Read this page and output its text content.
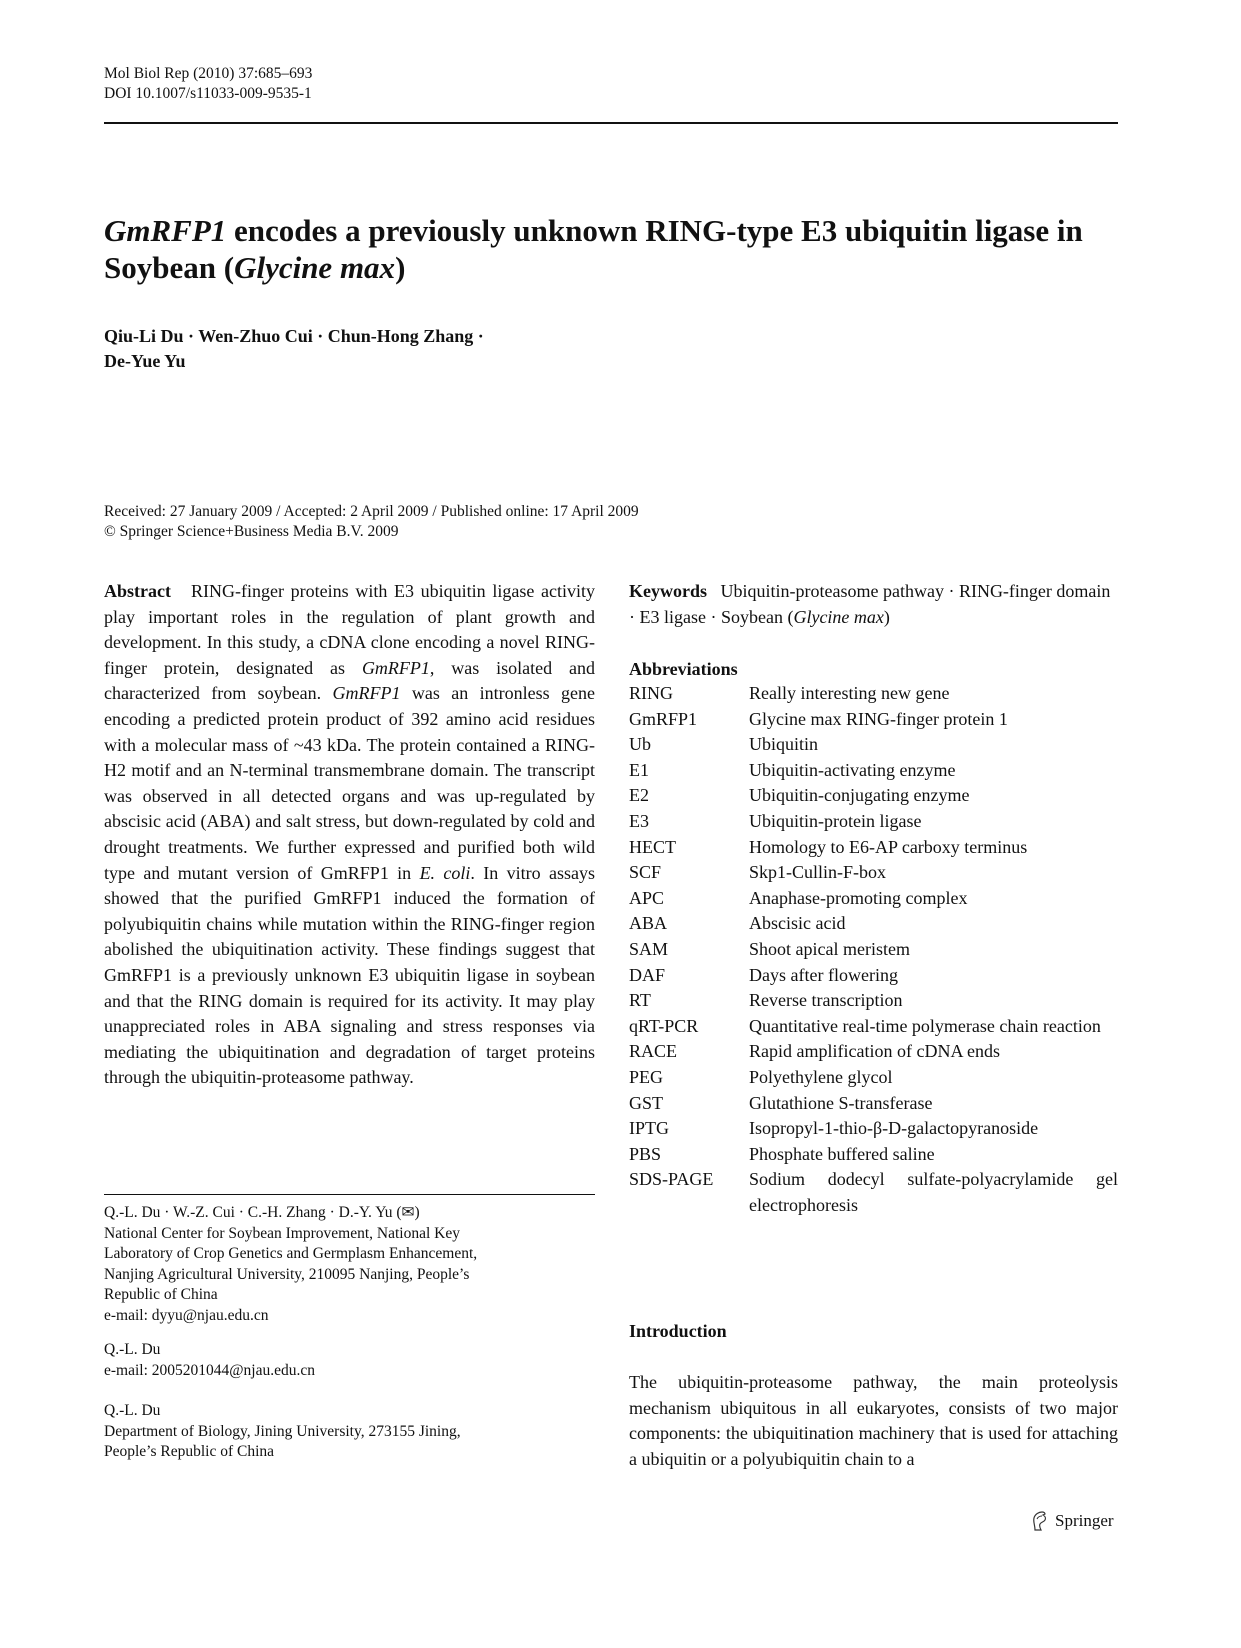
Mol Biol Rep (2010) 37:685–693
DOI 10.1007/s11033-009-9535-1
GmRFP1 encodes a previously unknown RING-type E3 ubiquitin ligase in Soybean (Glycine max)
Qiu-Li Du · Wen-Zhuo Cui · Chun-Hong Zhang ·
De-Yue Yu
Received: 27 January 2009 / Accepted: 2 April 2009 / Published online: 17 April 2009
© Springer Science+Business Media B.V. 2009
Abstract RING-finger proteins with E3 ubiquitin ligase activity play important roles in the regulation of plant growth and development. In this study, a cDNA clone encoding a novel RING-finger protein, designated as GmRFP1, was isolated and characterized from soybean. GmRFP1 was an intronless gene encoding a predicted protein product of 392 amino acid residues with a molecular mass of ~43 kDa. The protein contained a RING-H2 motif and an N-terminal transmembrane domain. The transcript was observed in all detected organs and was up-regulated by abscisic acid (ABA) and salt stress, but down-regulated by cold and drought treatments. We further expressed and purified both wild type and mutant version of GmRFP1 in E. coli. In vitro assays showed that the purified GmRFP1 induced the formation of polyubiquitin chains while mutation within the RING-finger region abolished the ubiquitination activity. These findings suggest that GmRFP1 is a previously unknown E3 ubiquitin ligase in soybean and that the RING domain is required for its activity. It may play unappreciated roles in ABA signaling and stress responses via mediating the ubiquitination and degradation of target proteins through the ubiquitin-proteasome pathway.
Q.-L. Du · W.-Z. Cui · C.-H. Zhang · D.-Y. Yu (✉)
National Center for Soybean Improvement, National Key
Laboratory of Crop Genetics and Germplasm Enhancement,
Nanjing Agricultural University, 210095 Nanjing, People’s
Republic of China
e-mail: dyyu@njau.edu.cn
Q.-L. Du
e-mail: 2005201044@njau.edu.cn
Q.-L. Du
Department of Biology, Jining University, 273155 Jining,
People’s Republic of China
Keywords Ubiquitin-proteasome pathway · RING-finger domain · E3 ligase · Soybean (Glycine max)
Abbreviations
RING	Really interesting new gene
GmRFP1	Glycine max RING-finger protein 1
Ub	Ubiquitin
E1	Ubiquitin-activating enzyme
E2	Ubiquitin-conjugating enzyme
E3	Ubiquitin-protein ligase
HECT	Homology to E6-AP carboxy terminus
SCF	Skp1-Cullin-F-box
APC	Anaphase-promoting complex
ABA	Abscisic acid
SAM	Shoot apical meristem
DAF	Days after flowering
RT	Reverse transcription
qRT-PCR	Quantitative real-time polymerase chain reaction
RACE	Rapid amplification of cDNA ends
PEG	Polyethylene glycol
GST	Glutathione S-transferase
IPTG	Isopropyl-1-thio-β-D-galactopyranoside
PBS	Phosphate buffered saline
SDS-PAGE	Sodium dodecyl sulfate-polyacrylamide gel electrophoresis
Introduction
The ubiquitin-proteasome pathway, the main proteolysis mechanism ubiquitous in all eukaryotes, consists of two major components: the ubiquitination machinery that is used for attaching a ubiquitin or a polyubiquitin chain to a
Springer
